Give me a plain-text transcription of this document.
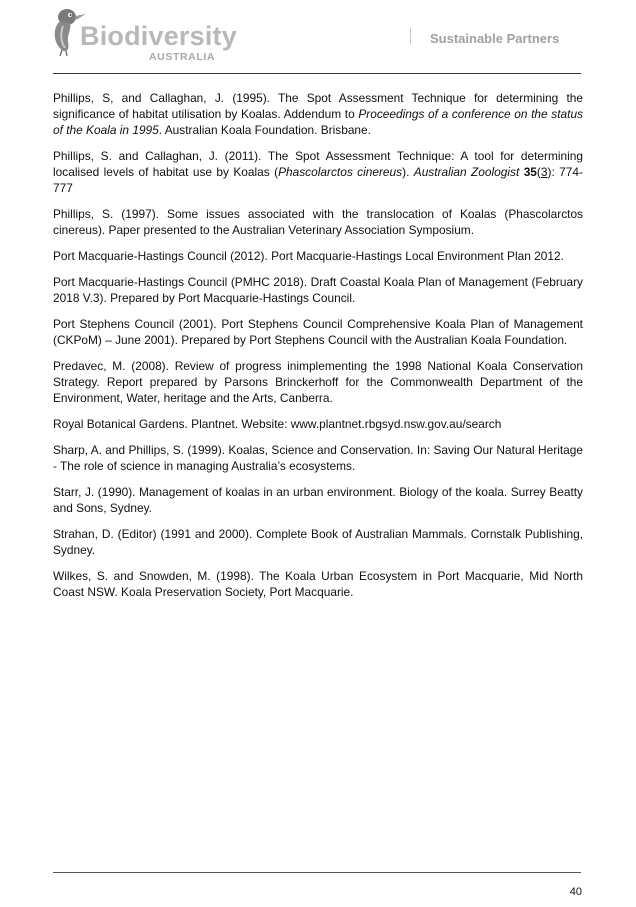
Biodiversity
AUSTRALIA
Sustainable Partners

Phillips, S, and Callaghan, J. (1995). The Spot Assessment Technique for determining the significance of habitat utilisation by Koalas. Addendum to Proceedings of a conference on the status of the Koala in 1995. Australian Koala Foundation. Brisbane.

Phillips, S. and Callaghan, J. (2011). The Spot Assessment Technique: A tool for determining localised levels of habitat use by Koalas (Phascolarctos cinereus). Australian Zoologist 35(3): 774-777

Phillips, S. (1997). Some issues associated with the translocation of Koalas (Phascolarctos cinereus). Paper presented to the Australian Veterinary Association Symposium.

Port Macquarie-Hastings Council (2012). Port Macquarie-Hastings Local Environment Plan 2012.

Port Macquarie-Hastings Council (PMHC 2018). Draft Coastal Koala Plan of Management (February 2018 V.3). Prepared by Port Macquarie-Hastings Council.

Port Stephens Council (2001). Port Stephens Council Comprehensive Koala Plan of Management (CKPoM) – June 2001). Prepared by Port Stephens Council with the Australian Koala Foundation.

Predavec, M. (2008). Review of progress inimplementing the 1998 National Koala Conservation Strategy. Report prepared by Parsons Brinckerhoff for the Commonwealth Department of the Environment, Water, heritage and the Arts, Canberra.

Royal Botanical Gardens. Plantnet. Website: www.plantnet.rbgsyd.nsw.gov.au/search

Sharp, A. and Phillips, S. (1999). Koalas, Science and Conservation. In: Saving Our Natural Heritage - The role of science in managing Australia’s ecosystems.

Starr, J. (1990). Management of koalas in an urban environment. Biology of the koala. Surrey Beatty and Sons, Sydney.

Strahan, D. (Editor) (1991 and 2000). Complete Book of Australian Mammals. Cornstalk Publishing, Sydney.

Wilkes, S. and Snowden, M. (1998). The Koala Urban Ecosystem in Port Macquarie, Mid North Coast NSW. Koala Preservation Society, Port Macquarie.

40
